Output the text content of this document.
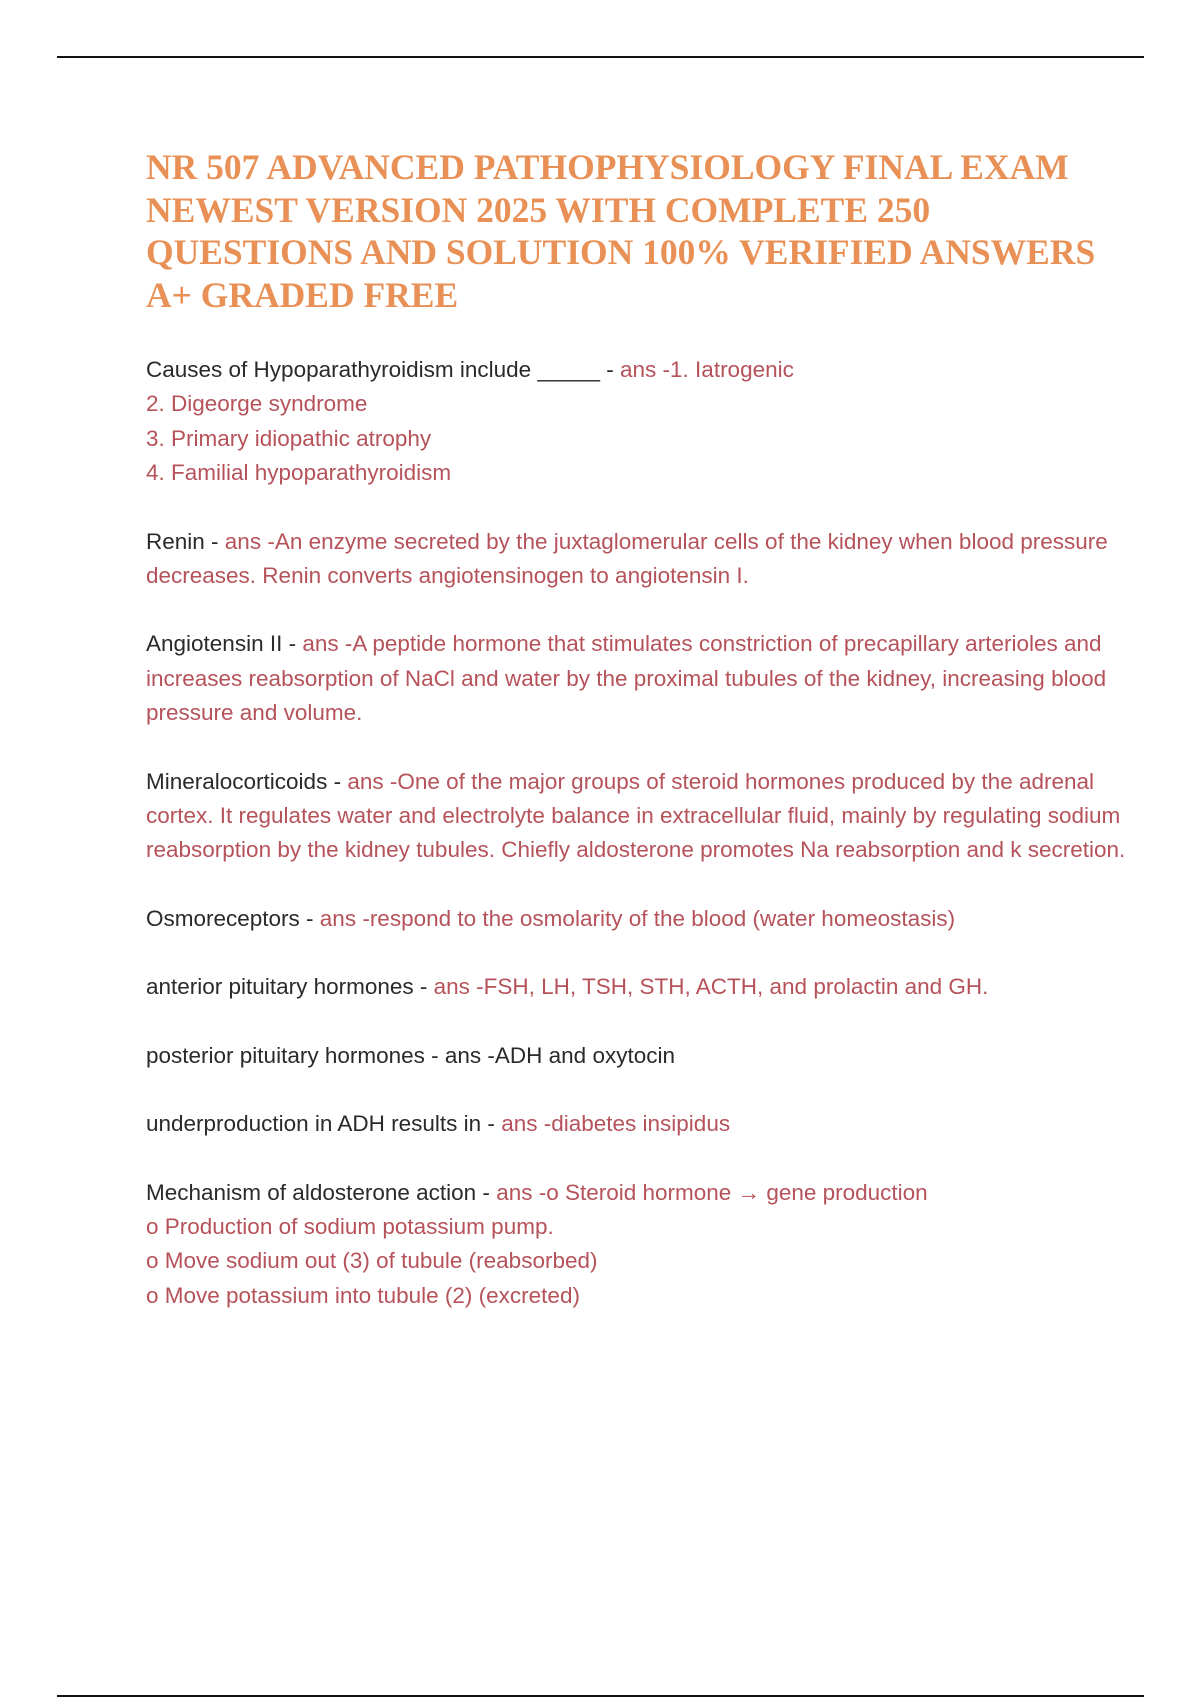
NR 507 ADVANCED PATHOPHYSIOLOGY FINAL EXAM NEWEST VERSION 2025 WITH COMPLETE 250 QUESTIONS AND SOLUTION 100% VERIFIED ANSWERS A+ GRADED FREE
Causes of Hypoparathyroidism include _____ - ans -1. Iatrogenic
2. Digeorge syndrome
3. Primary idiopathic atrophy
4. Familial hypoparathyroidism
Renin - ans -An enzyme secreted by the juxtaglomerular cells of the kidney when blood pressure decreases. Renin converts angiotensinogen to angiotensin I.
Angiotensin II - ans -A peptide hormone that stimulates constriction of precapillary arterioles and increases reabsorption of NaCl and water by the proximal tubules of the kidney, increasing blood pressure and volume.
Mineralocorticoids - ans -One of the major groups of steroid hormones produced by the adrenal cortex. It regulates water and electrolyte balance in extracellular fluid, mainly by regulating sodium reabsorption by the kidney tubules. Chiefly aldosterone promotes Na reabsorption and k secretion.
Osmoreceptors - ans -respond to the osmolarity of the blood (water homeostasis)
anterior pituitary hormones - ans -FSH, LH, TSH, STH, ACTH, and prolactin and GH.
posterior pituitary hormones - ans -ADH and oxytocin
underproduction in ADH results in - ans -diabetes insipidus
Mechanism of aldosterone action - ans -o Steroid hormone → gene production
o Production of sodium potassium pump.
o Move sodium out (3) of tubule (reabsorbed)
o Move potassium into tubule (2) (excreted)
